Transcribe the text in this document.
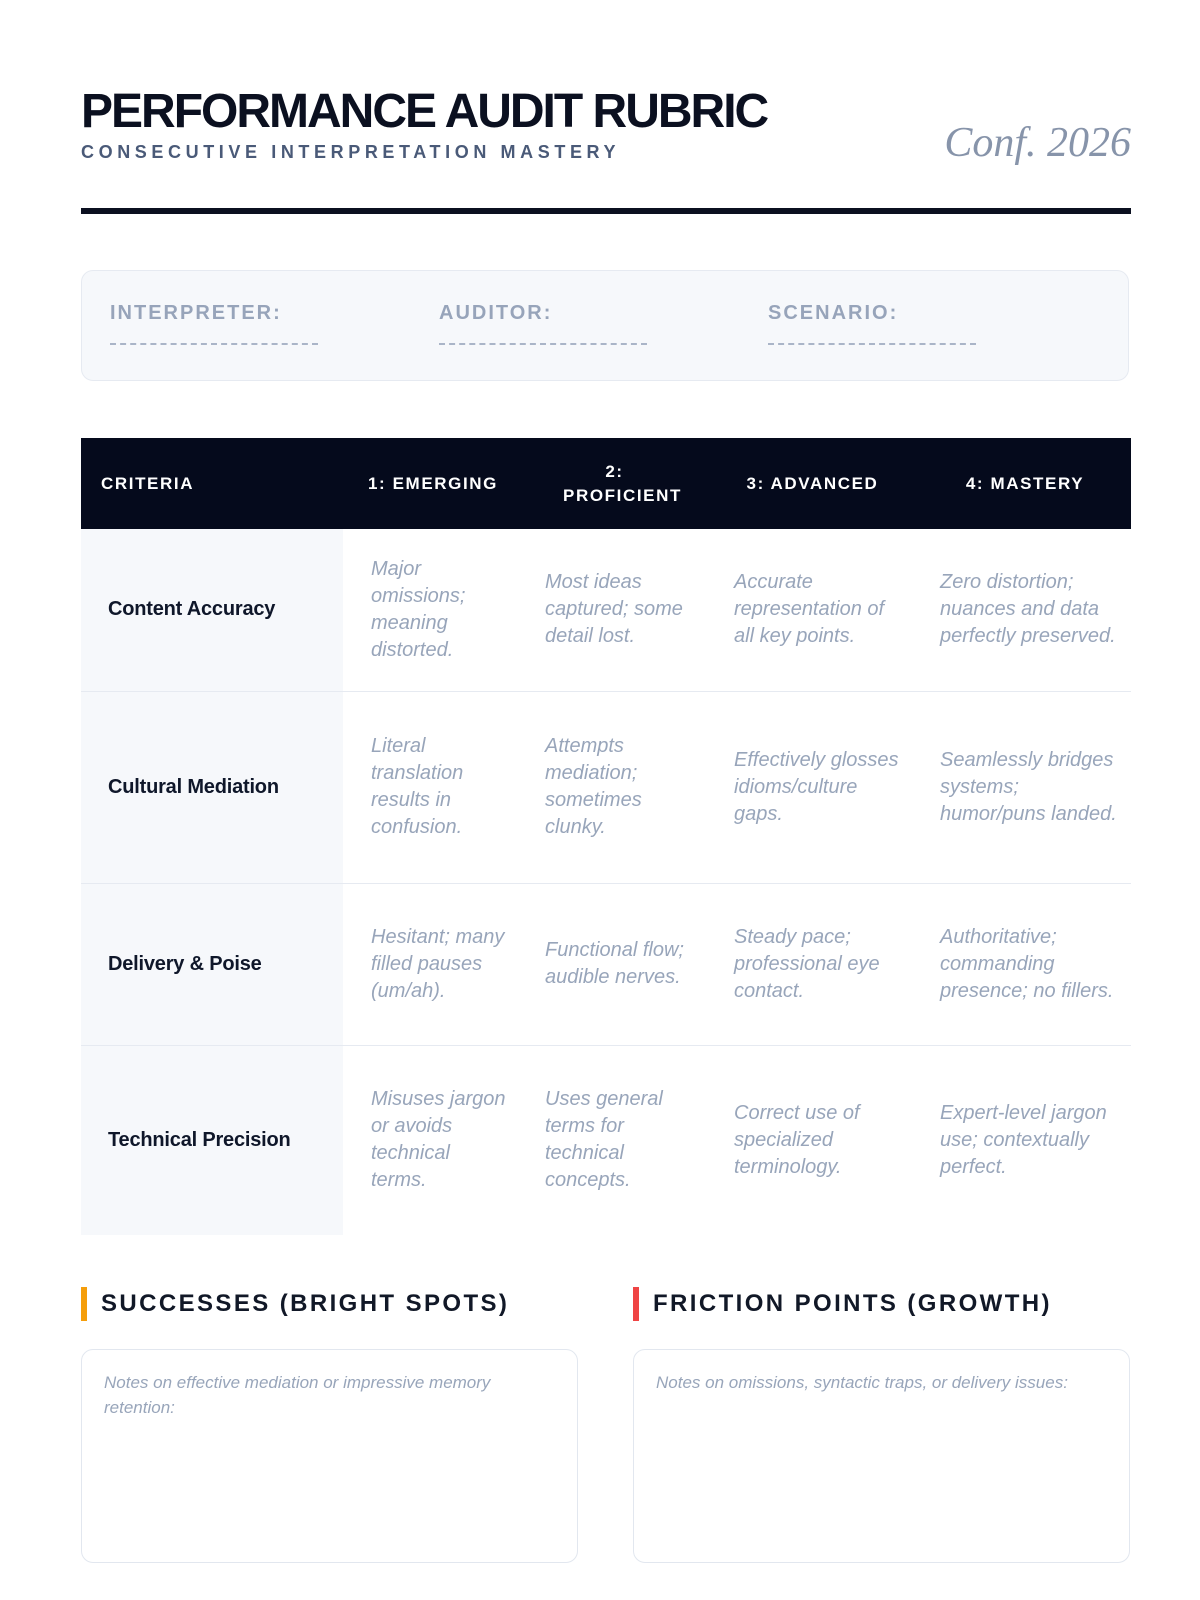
PERFORMANCE AUDIT RUBRIC
CONSECUTIVE INTERPRETATION MASTERY	Conf. 2026
INTERPRETER:	AUDITOR:	SCENARIO:
CRITERIA	1: EMERGING	2: PROFICIENT	3: ADVANCED	4: MASTERY
Content Accuracy	Major omissions; meaning distorted.	Most ideas captured; some detail lost.	Accurate representation of all key points.	Zero distortion; nuances and data perfectly preserved.
Cultural Mediation	Literal translation results in confusion.	Attempts mediation; sometimes clunky.	Effectively glosses idioms/culture gaps.	Seamlessly bridges systems; humor/puns landed.
Delivery & Poise	Hesitant; many filled pauses (um/ah).	Functional flow; audible nerves.	Steady pace; professional eye contact.	Authoritative; commanding presence; no fillers.
Technical Precision	Misuses jargon or avoids technical terms.	Uses general terms for technical concepts.	Correct use of specialized terminology.	Expert-level jargon use; contextually perfect.
SUCCESSES (BRIGHT SPOTS)
Notes on effective mediation or impressive memory retention:
FRICTION POINTS (GROWTH)
Notes on omissions, syntactic traps, or delivery issues:
